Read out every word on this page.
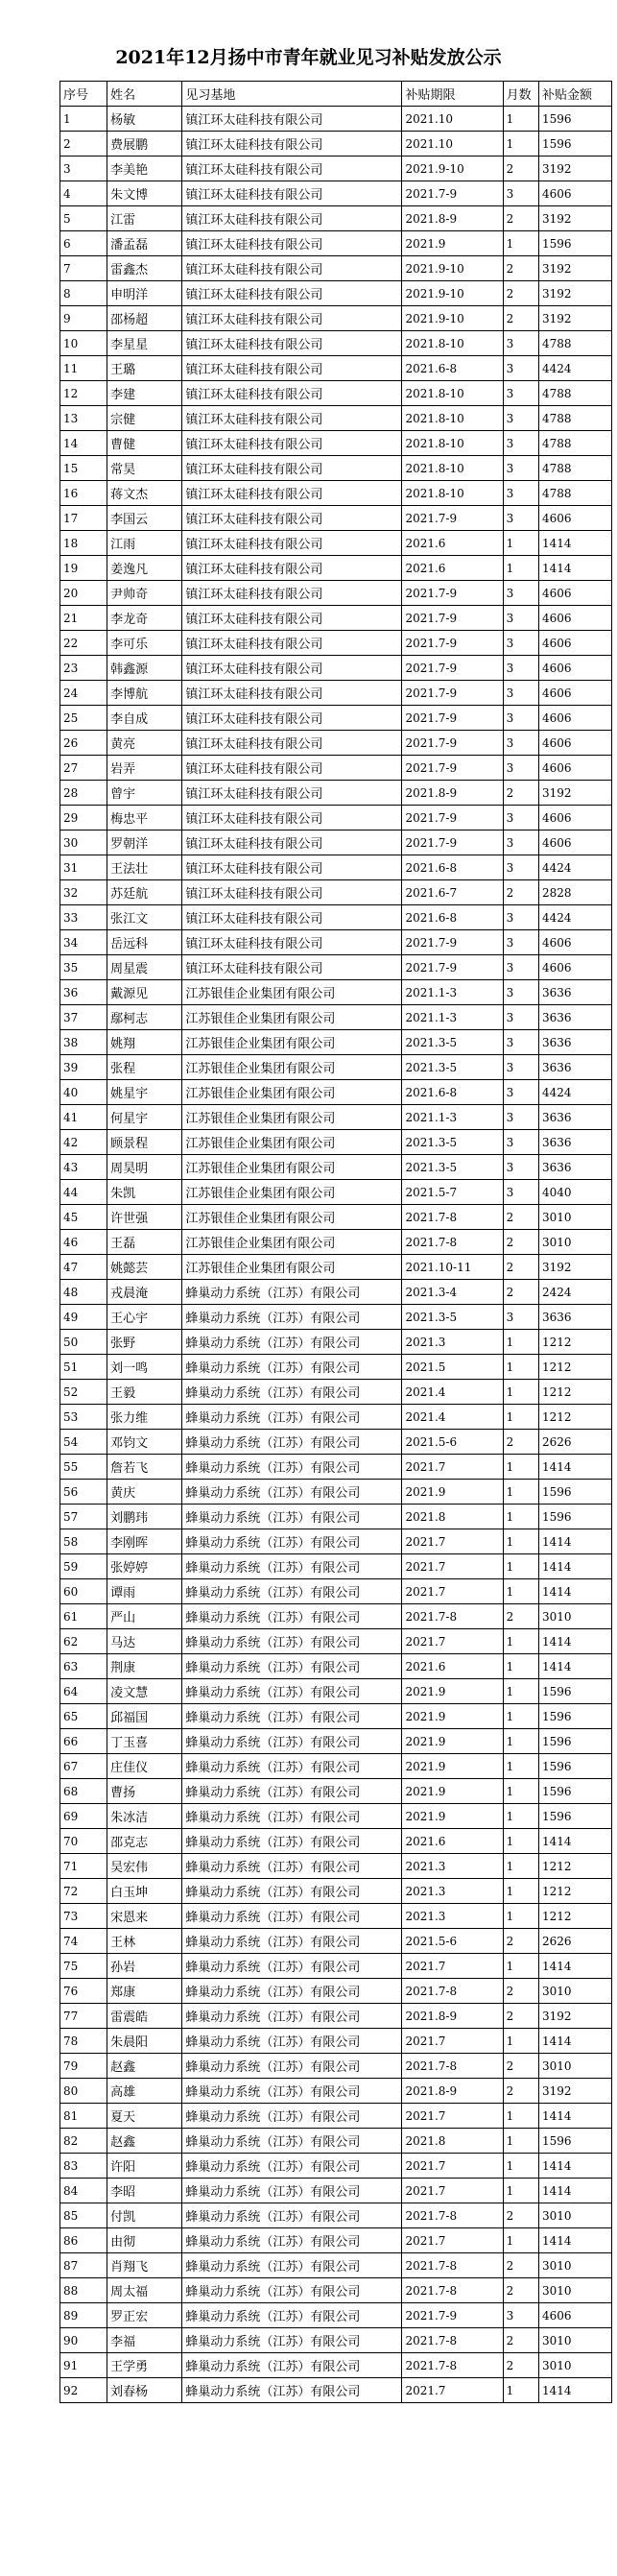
2021年12月扬中市青年就业见习补贴发放公示
序号	姓名	见习基地	补贴期限	月数	补贴金额
1	杨敏	镇江环太硅科技有限公司	2021.10	1	1596
2	费展鹏	镇江环太硅科技有限公司	2021.10	1	1596
3	李美艳	镇江环太硅科技有限公司	2021.9-10	2	3192
4	朱文博	镇江环太硅科技有限公司	2021.7-9	3	4606
5	江雷	镇江环太硅科技有限公司	2021.8-9	2	3192
6	潘孟磊	镇江环太硅科技有限公司	2021.9	1	1596
7	雷鑫杰	镇江环太硅科技有限公司	2021.9-10	2	3192
8	申明洋	镇江环太硅科技有限公司	2021.9-10	2	3192
9	邵杨超	镇江环太硅科技有限公司	2021.9-10	2	3192
10	李星星	镇江环太硅科技有限公司	2021.8-10	3	4788
11	王璐	镇江环太硅科技有限公司	2021.6-8	3	4424
12	李建	镇江环太硅科技有限公司	2021.8-10	3	4788
13	宗健	镇江环太硅科技有限公司	2021.8-10	3	4788
14	曹健	镇江环太硅科技有限公司	2021.8-10	3	4788
15	常昊	镇江环太硅科技有限公司	2021.8-10	3	4788
16	蒋文杰	镇江环太硅科技有限公司	2021.8-10	3	4788
17	李国云	镇江环太硅科技有限公司	2021.7-9	3	4606
18	江雨	镇江环太硅科技有限公司	2021.6	1	1414
19	姜逸凡	镇江环太硅科技有限公司	2021.6	1	1414
20	尹帅奇	镇江环太硅科技有限公司	2021.7-9	3	4606
21	李龙奇	镇江环太硅科技有限公司	2021.7-9	3	4606
22	李可乐	镇江环太硅科技有限公司	2021.7-9	3	4606
23	韩鑫源	镇江环太硅科技有限公司	2021.7-9	3	4606
24	李博航	镇江环太硅科技有限公司	2021.7-9	3	4606
25	李自成	镇江环太硅科技有限公司	2021.7-9	3	4606
26	黄亮	镇江环太硅科技有限公司	2021.7-9	3	4606
27	岩弄	镇江环太硅科技有限公司	2021.7-9	3	4606
28	曾宇	镇江环太硅科技有限公司	2021.8-9	2	3192
29	梅忠平	镇江环太硅科技有限公司	2021.7-9	3	4606
30	罗朝洋	镇江环太硅科技有限公司	2021.7-9	3	4606
31	王法壮	镇江环太硅科技有限公司	2021.6-8	3	4424
32	苏廷航	镇江环太硅科技有限公司	2021.6-7	2	2828
33	张江文	镇江环太硅科技有限公司	2021.6-8	3	4424
34	岳远科	镇江环太硅科技有限公司	2021.7-9	3	4606
35	周星震	镇江环太硅科技有限公司	2021.7-9	3	4606
36	戴源见	江苏银佳企业集团有限公司	2021.1-3	3	3636
37	鄢柯志	江苏银佳企业集团有限公司	2021.1-3	3	3636
38	姚翔	江苏银佳企业集团有限公司	2021.3-5	3	3636
39	张程	江苏银佳企业集团有限公司	2021.3-5	3	3636
40	姚星宇	江苏银佳企业集团有限公司	2021.6-8	3	4424
41	何星宇	江苏银佳企业集团有限公司	2021.1-3	3	3636
42	顾景程	江苏银佳企业集团有限公司	2021.3-5	3	3636
43	周昊明	江苏银佳企业集团有限公司	2021.3-5	3	3636
44	朱凯	江苏银佳企业集团有限公司	2021.5-7	3	4040
45	许世强	江苏银佳企业集团有限公司	2021.7-8	2	3010
46	王磊	江苏银佳企业集团有限公司	2021.7-8	2	3010
47	姚懿芸	江苏银佳企业集团有限公司	2021.10-11	2	3192
48	戎晨淹	蜂巢动力系统（江苏）有限公司	2021.3-4	2	2424
49	王心宇	蜂巢动力系统（江苏）有限公司	2021.3-5	3	3636
50	张野	蜂巢动力系统（江苏）有限公司	2021.3	1	1212
51	刘一鸣	蜂巢动力系统（江苏）有限公司	2021.5	1	1212
52	王毅	蜂巢动力系统（江苏）有限公司	2021.4	1	1212
53	张力维	蜂巢动力系统（江苏）有限公司	2021.4	1	1212
54	邓钧文	蜂巢动力系统（江苏）有限公司	2021.5-6	2	2626
55	詹若飞	蜂巢动力系统（江苏）有限公司	2021.7	1	1414
56	黄庆	蜂巢动力系统（江苏）有限公司	2021.9	1	1596
57	刘鹏玮	蜂巢动力系统（江苏）有限公司	2021.8	1	1596
58	李刚晖	蜂巢动力系统（江苏）有限公司	2021.7	1	1414
59	张婷婷	蜂巢动力系统（江苏）有限公司	2021.7	1	1414
60	谭雨	蜂巢动力系统（江苏）有限公司	2021.7	1	1414
61	严山	蜂巢动力系统（江苏）有限公司	2021.7-8	2	3010
62	马达	蜂巢动力系统（江苏）有限公司	2021.7	1	1414
63	荆康	蜂巢动力系统（江苏）有限公司	2021.6	1	1414
64	凌文慧	蜂巢动力系统（江苏）有限公司	2021.9	1	1596
65	邱福国	蜂巢动力系统（江苏）有限公司	2021.9	1	1596
66	丁玉喜	蜂巢动力系统（江苏）有限公司	2021.9	1	1596
67	庄佳仪	蜂巢动力系统（江苏）有限公司	2021.9	1	1596
68	曹扬	蜂巢动力系统（江苏）有限公司	2021.9	1	1596
69	朱冰洁	蜂巢动力系统（江苏）有限公司	2021.9	1	1596
70	邵克志	蜂巢动力系统（江苏）有限公司	2021.6	1	1414
71	吴宏伟	蜂巢动力系统（江苏）有限公司	2021.3	1	1212
72	白玉坤	蜂巢动力系统（江苏）有限公司	2021.3	1	1212
73	宋恩来	蜂巢动力系统（江苏）有限公司	2021.3	1	1212
74	王林	蜂巢动力系统（江苏）有限公司	2021.5-6	2	2626
75	孙岩	蜂巢动力系统（江苏）有限公司	2021.7	1	1414
76	郑康	蜂巢动力系统（江苏）有限公司	2021.7-8	2	3010
77	雷震皓	蜂巢动力系统（江苏）有限公司	2021.8-9	2	3192
78	朱晨阳	蜂巢动力系统（江苏）有限公司	2021.7	1	1414
79	赵鑫	蜂巢动力系统（江苏）有限公司	2021.7-8	2	3010
80	高雄	蜂巢动力系统（江苏）有限公司	2021.8-9	2	3192
81	夏天	蜂巢动力系统（江苏）有限公司	2021.7	1	1414
82	赵鑫	蜂巢动力系统（江苏）有限公司	2021.8	1	1596
83	许阳	蜂巢动力系统（江苏）有限公司	2021.7	1	1414
84	李昭	蜂巢动力系统（江苏）有限公司	2021.7	1	1414
85	付凯	蜂巢动力系统（江苏）有限公司	2021.7-8	2	3010
86	由彻	蜂巢动力系统（江苏）有限公司	2021.7	1	1414
87	肖翔飞	蜂巢动力系统（江苏）有限公司	2021.7-8	2	3010
88	周太福	蜂巢动力系统（江苏）有限公司	2021.7-8	2	3010
89	罗正宏	蜂巢动力系统（江苏）有限公司	2021.7-9	3	4606
90	李福	蜂巢动力系统（江苏）有限公司	2021.7-8	2	3010
91	王学勇	蜂巢动力系统（江苏）有限公司	2021.7-8	2	3010
92	刘春杨	蜂巢动力系统（江苏）有限公司	2021.7	1	1414
